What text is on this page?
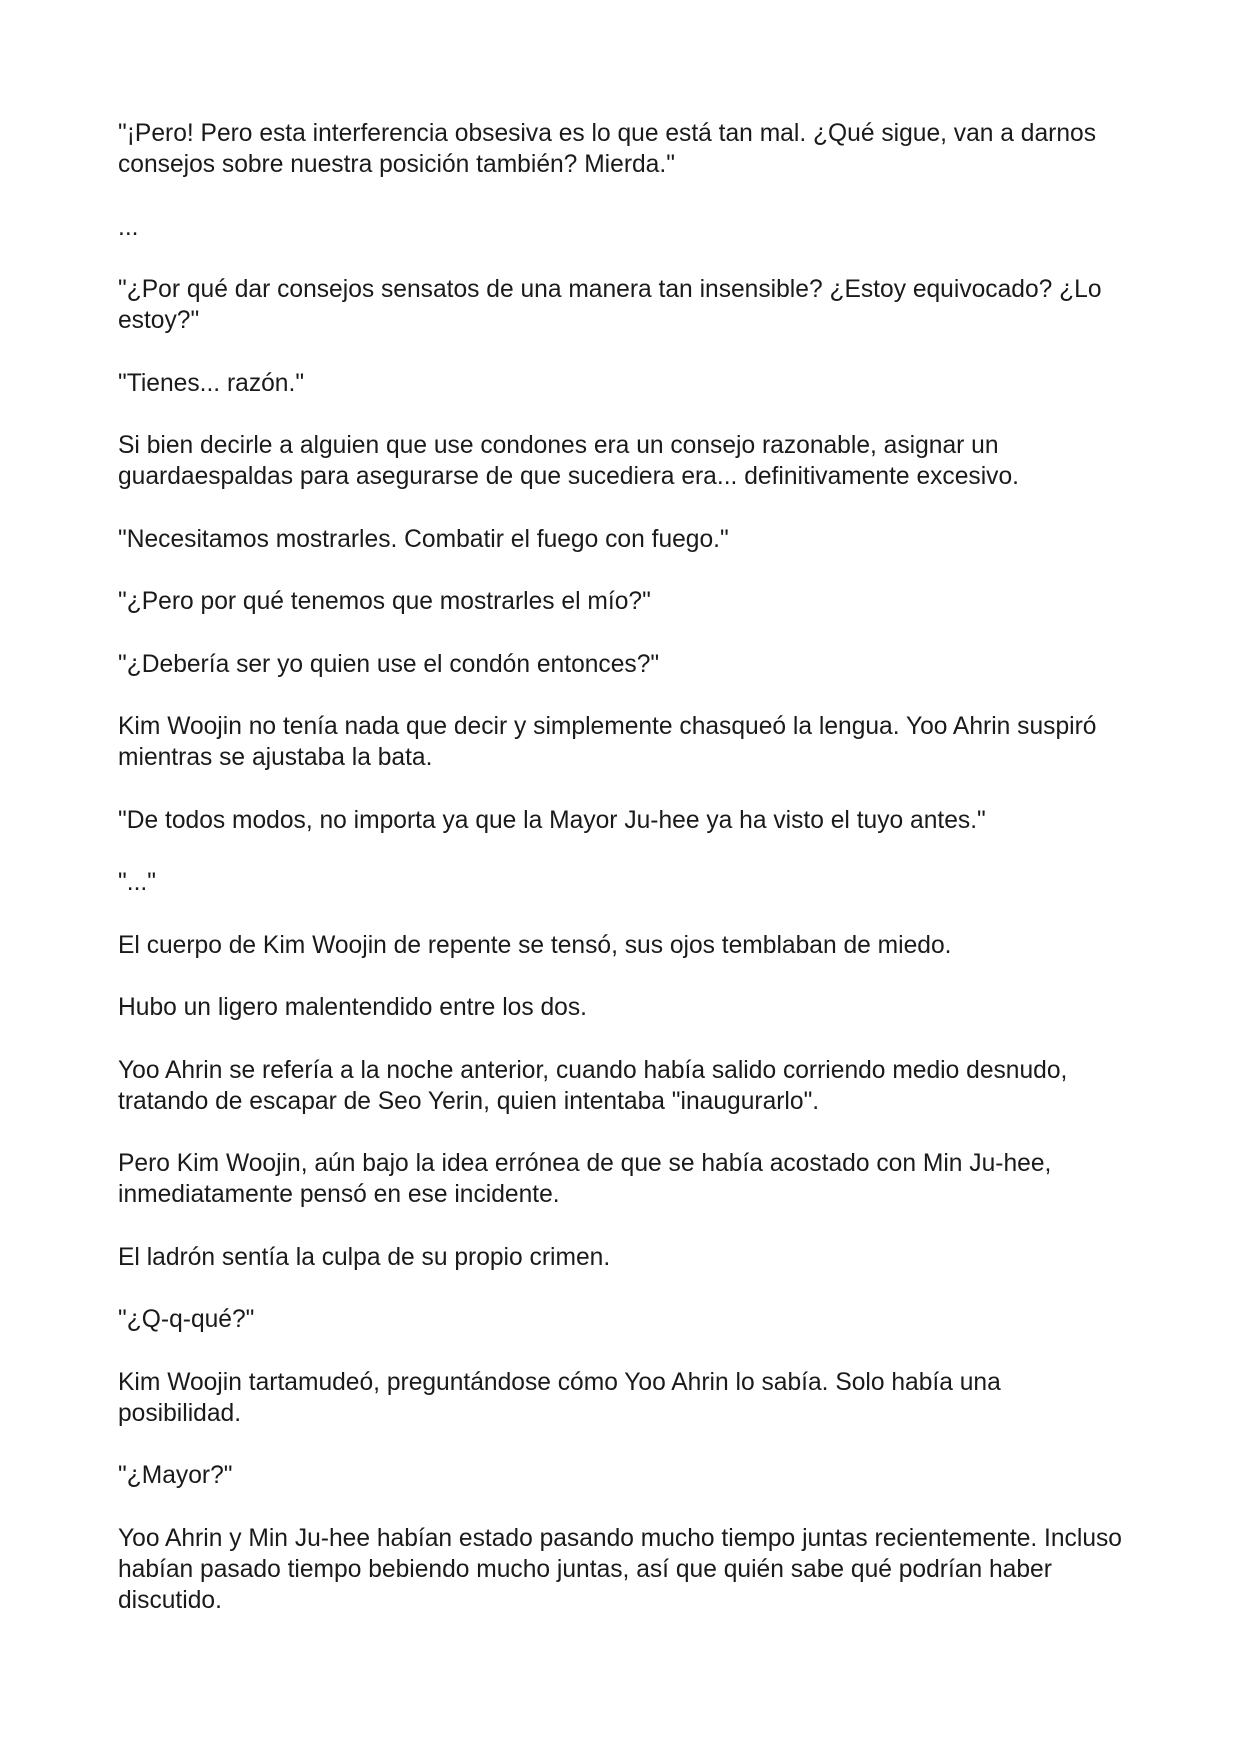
"¡Pero! Pero esta interferencia obsesiva es lo que está tan mal. ¿Qué sigue, van a darnos consejos sobre nuestra posición también? Mierda."

...

"¿Por qué dar consejos sensatos de una manera tan insensible? ¿Estoy equivocado? ¿Lo estoy?"

"Tienes... razón."

Si bien decirle a alguien que use condones era un consejo razonable, asignar un guardaespaldas para asegurarse de que sucediera era... definitivamente excesivo.

"Necesitamos mostrarles. Combatir el fuego con fuego."

"¿Pero por qué tenemos que mostrarles el mío?"

"¿Debería ser yo quien use el condón entonces?"

Kim Woojin no tenía nada que decir y simplemente chasqueó la lengua. Yoo Ahrin suspiró mientras se ajustaba la bata.

"De todos modos, no importa ya que la Mayor Ju-hee ya ha visto el tuyo antes."

"..."

El cuerpo de Kim Woojin de repente se tensó, sus ojos temblaban de miedo.

Hubo un ligero malentendido entre los dos.

Yoo Ahrin se refería a la noche anterior, cuando había salido corriendo medio desnudo, tratando de escapar de Seo Yerin, quien intentaba "inaugurarlo".

Pero Kim Woojin, aún bajo la idea errónea de que se había acostado con Min Ju-hee, inmediatamente pensó en ese incidente.

El ladrón sentía la culpa de su propio crimen.

"¿Q-q-qué?"

Kim Woojin tartamudeó, preguntándose cómo Yoo Ahrin lo sabía. Solo había una posibilidad.

"¿Mayor?"

Yoo Ahrin y Min Ju-hee habían estado pasando mucho tiempo juntas recientemente. Incluso habían pasado tiempo bebiendo mucho juntas, así que quién sabe qué podrían haber discutido.
